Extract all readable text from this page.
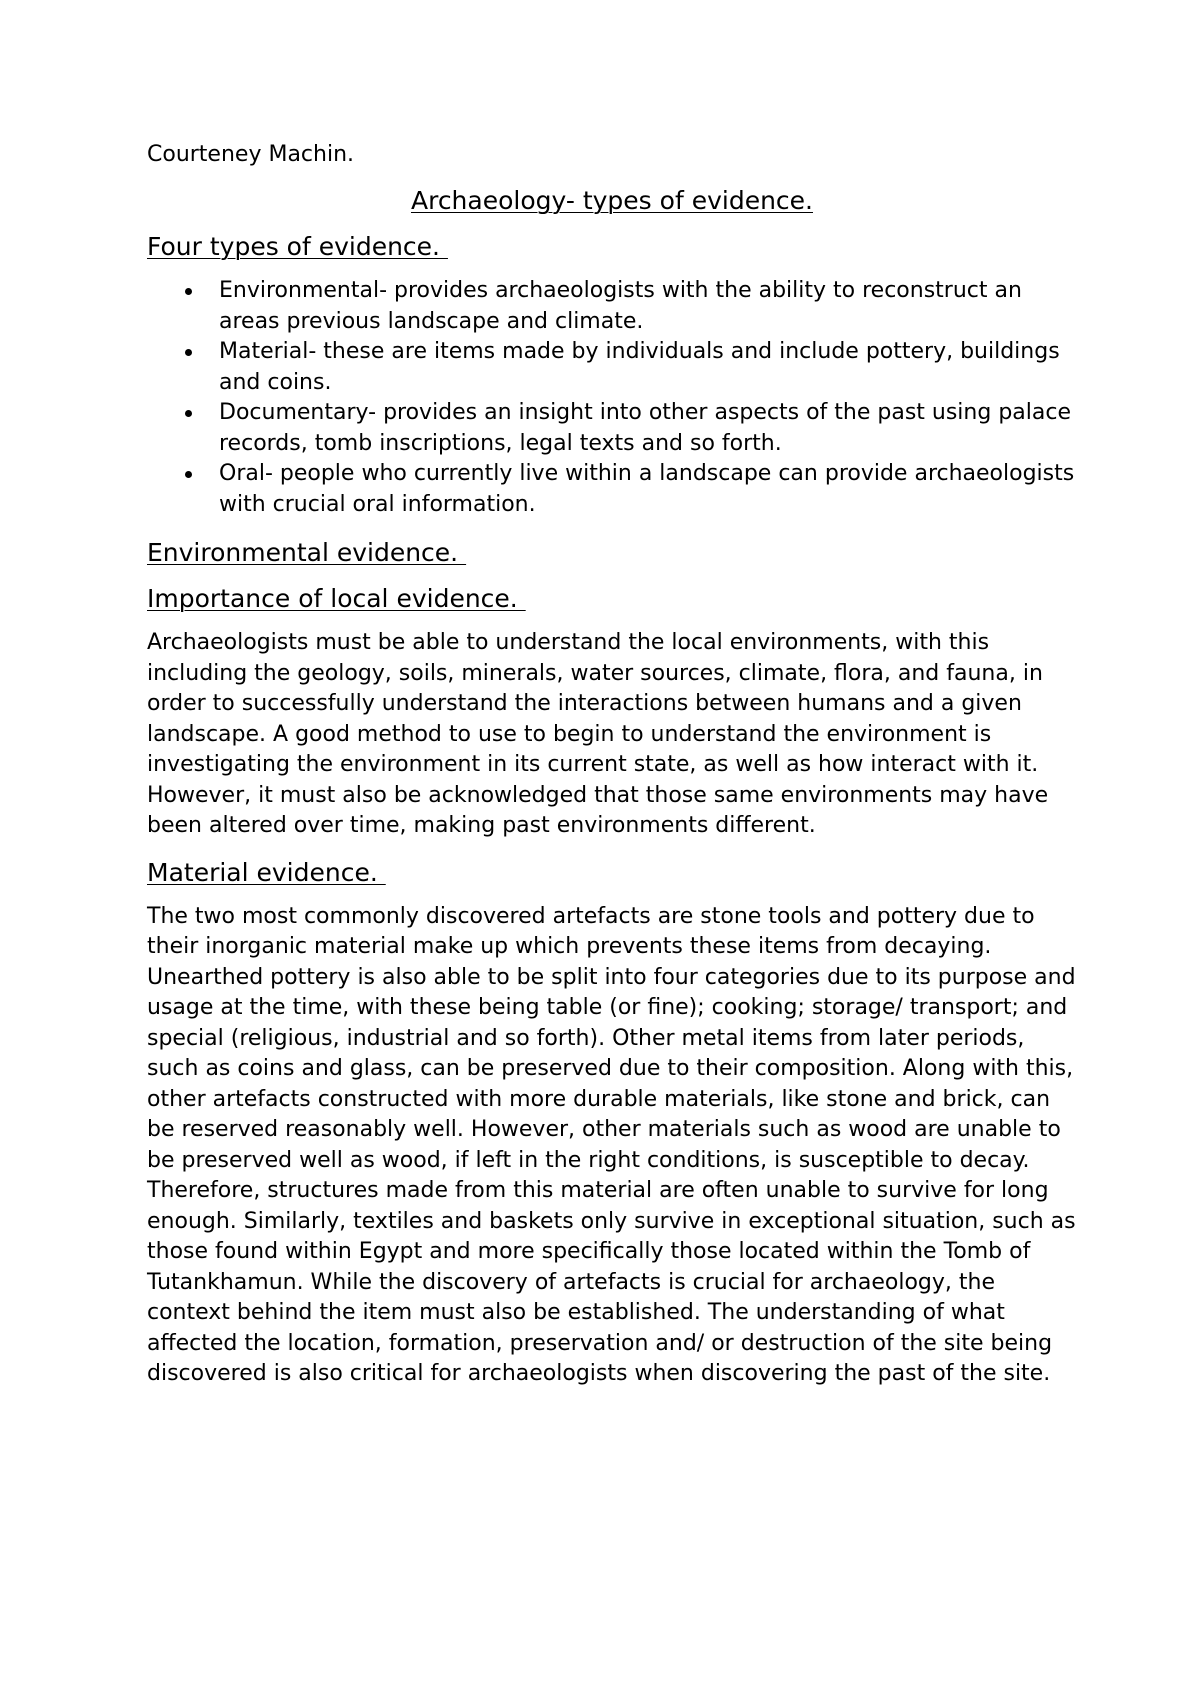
Courteney Machin.

Archaeology- types of evidence.
Four types of evidence.
Environmental- provides archaeologists with the ability to reconstruct an areas previous landscape and climate.
Material- these are items made by individuals and include pottery, buildings and coins.
Documentary- provides an insight into other aspects of the past using palace records, tomb inscriptions, legal texts and so forth.
Oral- people who currently live within a landscape can provide archaeologists with crucial oral information.
Environmental evidence.
Importance of local evidence.

Archaeologists must be able to understand the local environments, with this including the geology, soils, minerals, water sources, climate, flora, and fauna, in order to successfully understand the interactions between humans and a given landscape. A good method to use to begin to understand the environment is investigating the environment in its current state, as well as how interact with it. However, it must also be acknowledged that those same environments may have been altered over time, making past environments different.

Material evidence.

The two most commonly discovered artefacts are stone tools and pottery due to their inorganic material make up which prevents these items from decaying. Unearthed pottery is also able to be split into four categories due to its purpose and usage at the time, with these being table (or fine); cooking; storage/ transport; and special (religious, industrial and so forth). Other metal items from later periods, such as coins and glass, can be preserved due to their composition. Along with this, other artefacts constructed with more durable materials, like stone and brick, can be reserved reasonably well. However, other materials such as wood are unable to be preserved well as wood, if left in the right conditions, is susceptible to decay. Therefore, structures made from this material are often unable to survive for long enough. Similarly, textiles and baskets only survive in exceptional situation, such as those found within Egypt and more specifically those located within the Tomb of Tutankhamun. While the discovery of artefacts is crucial for archaeology, the context behind the item must also be established. The understanding of what affected the location, formation, preservation and/ or destruction of the site being discovered is also critical for archaeologists when discovering the past of the site.
